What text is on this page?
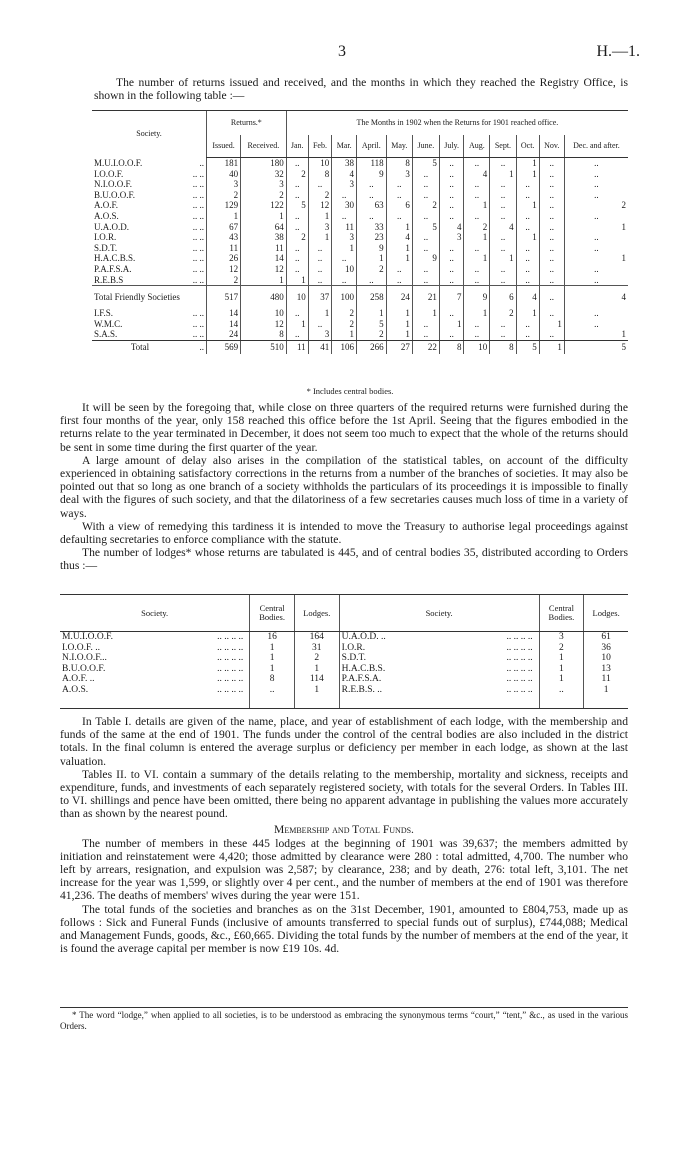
3	H.—1.

The number of returns issued and received, and the months in which they reached the Registry Office, is shown in the following table :—

Society.		Returns.*		The Months in 1902 when the Returns for 1901 reached office.											
		Issued.	Received.	Jan.	Feb.	Mar.	April.	May.	June.	July.	Aug.	Sept.	Oct.	Nov.	Dec. and after.
M.U.I.O.O.F.	..	181	180	..	10	38	118	8	5	..	..	..	1	..	..
I.O.O.F.	.. ..	40	32	2	8	4	9	3	..	..	4	1	1	..	..
N.I.O.O.F.	.. ..	3	3	..	..	3	..	..	..	..	..	..	..	..	..
B.U.O.O.F.	.. ..	2	2	..	2	..	..	..	..	..	..	..	..	..	..
A.O.F.	.. ..	129	122	5	12	30	63	6	2	..	1	..	1	..	2
A.O.S.	.. ..	1	1	..	1	..	..	..	..	..	..	..	..	..	..
U.A.O.D.	.. ..	67	64	..	3	11	33	1	5	4	2	4	..	..	1
I.O.R.	.. ..	43	38	2	1	3	23	4	..	3	1	..	1	..	..
S.D.T.	.. ..	11	11	..	..	1	9	1	..	..	..	..	..	..	..
H.A.C.B.S.	.. ..	26	14	..	..	..	1	1	9	..	1	1	..	..	1
P.A.F.S.A.	.. ..	12	12	..	..	10	2	..	..	..	..	..	..	..	..
R.E.B.S	.. ..	2	1	1	..	..	..	..	..	..	..	..	..	..	..
Total Friendly Societies		517	480	10	37	100	258	24	21	7	9	6	4	..	4
I.F.S.	.. ..	14	10	..	1	2	1	1	1	..	1	2	1	..	..
W.M.C.	.. ..	14	12	1	..	2	5	1	..	1	..	..	..	1	..
S.A.S.	.. ..	24	8	..	3	1	2	1	..	..	..	..	..	..	1
Total	..	569	510	11	41	106	266	27	22	8	10	8	5	1	5
* Includes central bodies.

It will be seen by the foregoing that, while close on three quarters of the required returns were furnished during the first four months of the year, only 158 reached this office before the 1st April. Seeing that the figures embodied in the returns relate to the year terminated in December, it does not seem too much to expect that the whole of the returns should be sent in some time during the first quarter of the year.

A large amount of delay also arises in the compilation of the statistical tables, on account of the difficulty experienced in obtaining satisfactory corrections in the returns from a number of the branches of societies. It may also be pointed out that so long as one branch of a society withholds the particulars of its proceedings it is impossible to finally deal with the figures of such society, and that the dilatoriness of a few secretaries causes much loss of time in a variety of ways.

With a view of remedying this tardiness it is intended to move the Treasury to authorise legal proceedings against defaulting secretaries to enforce compliance with the statute.

The number of lodges* whose returns are tabulated is 445, and of central bodies 35, distributed according to Orders thus :—

Society.	Central Bodies.	Lodges.	Society.	Central Bodies.	Lodges.
M.U.I.O.O.F. .. .. .. ..	16	164	U.A.O.D. .. .. .. .. ..	3	61
I.O.O.F. .. .. .. .. ..	1	31	I.O.R. .. .. .. ..	2	36
N.I.O.O.F... .. .. .. ..	1	2	S.D.T. .. .. .. ..	1	10
B.U.O.O.F. .. .. .. ..	1	1	H.A.C.B.S. .. .. .. ..	1	13
A.O.F. .. .. .. .. ..	8	114	P.A.F.S.A. .. .. .. ..	1	11
A.O.S. .. .. .. ..	..	1	R.E.B.S. .. .. .. .. ..	..	1

In Table I. details are given of the name, place, and year of establishment of each lodge, with the membership and funds of the same at the end of 1901. The funds under the control of the central bodies are also included in the district totals. In the final column is entered the average surplus or deficiency per member in each lodge, as shown at the last valuation.

Tables II. to VI. contain a summary of the details relating to the membership, mortality and sickness, receipts and expenditure, funds, and investments of each separately registered society, with totals for the several Orders. In Tables III. to VI. shillings and pence have been omitted, there being no apparent advantage in publishing the values more accurately than as shown by the nearest pound.

Membership and Total Funds.

The number of members in these 445 lodges at the beginning of 1901 was 39,637; the members admitted by initiation and reinstatement were 4,420; those admitted by clearance were 280 : total admitted, 4,700. The number who left by arrears, resignation, and expulsion was 2,587; by clearance, 238; and by death, 276: total left, 3,101. The net increase for the year was 1,599, or slightly over 4 per cent., and the number of members at the end of 1901 was therefore 41,236. The deaths of members' wives during the year were 151.

The total funds of the societies and branches as on the 31st December, 1901, amounted to £804,753, made up as follows : Sick and Funeral Funds (inclusive of amounts transferred to special funds out of surplus), £744,088; Medical and Management Funds, goods, &c., £60,665. Dividing the total funds by the number of members at the end of the year, it is found the average capital per member is now £19 10s. 4d.

* The word “lodge,” when applied to all societies, is to be understood as embracing the synonymous terms “court,” “tent,” &c., as used in the various Orders.
